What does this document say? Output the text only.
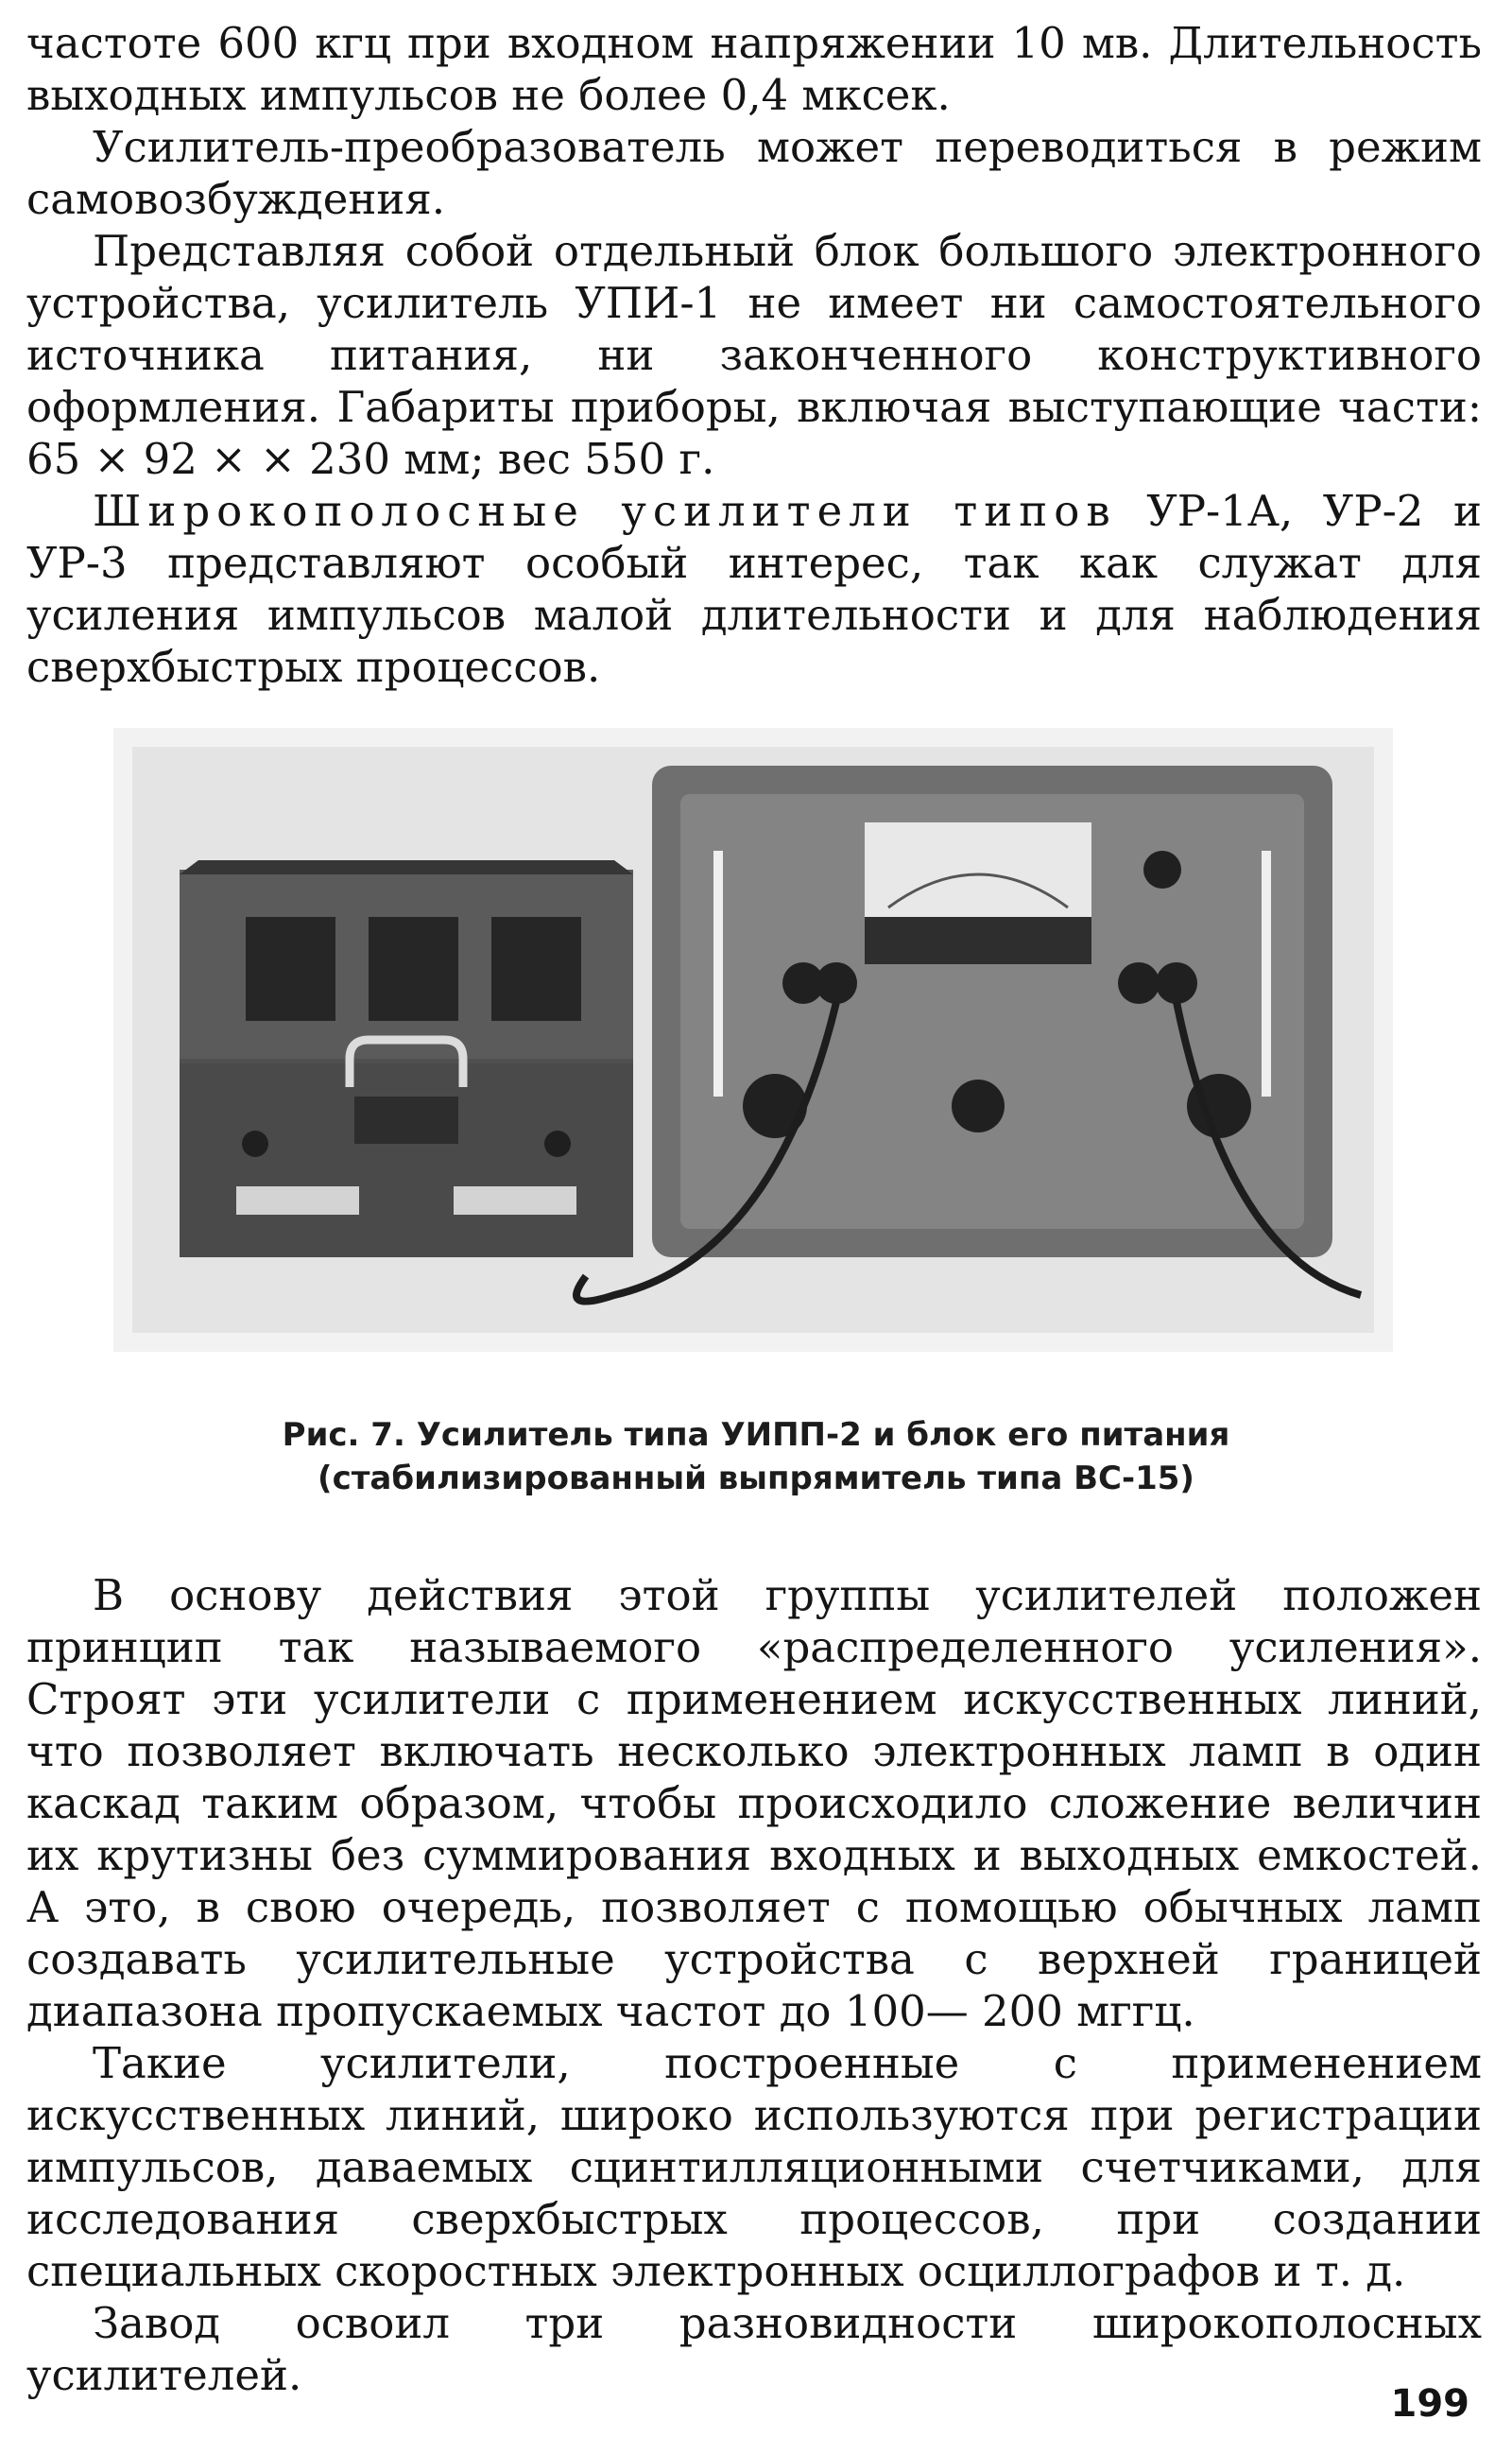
частоте 600 кгц при входном напряжении 10 мв. Длительность выходных импульсов не более 0,4 мксек.

Усилитель-преобразователь может переводиться в режим самовозбуждения.

Представляя собой отдельный блок большого электронного устройства, усилитель УПИ-1 не имеет ни самостоятельного источника питания, ни законченного конструктивного оформления. Габариты приборы, включая выступающие части: 65 × 92 × × 230 мм; вес 550 г.

Широкополосные усилители типов УР-1А, УР-2 и УР-3 представляют особый интерес, так как служат для усиления импульсов малой длительности и для наблюдения сверхбыстрых процессов.

Рис. 7. Усилитель типа УИПП-2 и блок его питания (стабилизированный выпрямитель типа ВС-15)

В основу действия этой группы усилителей положен принцип так называемого «распределенного усиления». Строят эти усилители с применением искусственных линий, что позволяет включать несколько электронных ламп в один каскад таким образом, чтобы происходило сложение величин их крутизны без суммирования входных и выходных емкостей. А это, в свою очередь, позволяет с помощью обычных ламп создавать усилительные устройства с верхней границей диапазона пропускаемых частот до 100— 200 мггц.

Такие усилители, построенные с применением искусственных линий, широко используются при регистрации импульсов, даваемых сцинтилляционными счетчиками, для исследования сверхбыстрых процессов, при создании специальных скоростных электронных осциллографов и т. д.

Завод освоил три разновидности широкополосных усилителей.

199
